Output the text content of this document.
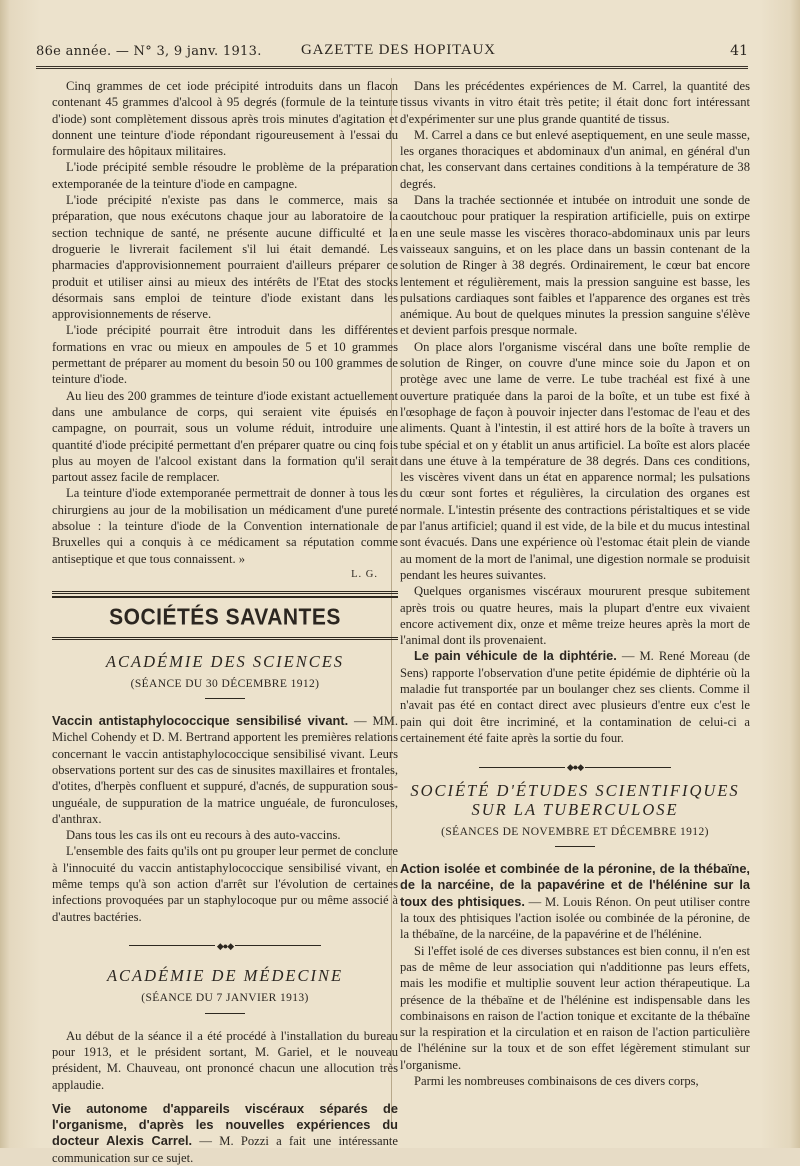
86e année. — N° 3, 9 janv. 1913.	GAZETTE DES HOPITAUX	41

Cinq grammes de cet iode précipité introduits dans un flacon contenant 45 grammes d'alcool à 95 degrés (formule de la teinture d'iode) sont complètement dissous après trois minutes d'agitation et donnent une teinture d'iode répondant rigoureusement à l'essai du formulaire des hôpitaux militaires.

L'iode précipité semble résoudre le problème de la préparation extemporanée de la teinture d'iode en campagne.

L'iode précipité n'existe pas dans le commerce, mais sa préparation, que nous exécutons chaque jour au laboratoire de la section technique de santé, ne présente aucune difficulté et la droguerie le livrerait facilement s'il lui était demandé. Les pharmacies d'approvisionnement pourraient d'ailleurs préparer ce produit et utiliser ainsi au mieux des intérêts de l'Etat des stocks désormais sans emploi de teinture d'iode existant dans les approvisionnements de réserve.

L'iode précipité pourrait être introduit dans les différentes formations en vrac ou mieux en ampoules de 5 et 10 grammes permettant de préparer au moment du besoin 50 ou 100 grammes de teinture d'iode.

Au lieu des 200 grammes de teinture d'iode existant actuellement dans une ambulance de corps, qui seraient vite épuisés en campagne, on pourrait, sous un volume réduit, introduire une quantité d'iode précipité permettant d'en préparer quatre ou cinq fois plus au moyen de l'alcool existant dans la formation qu'il serait partout assez facile de remplacer.

La teinture d'iode extemporanée permettrait de donner à tous les chirurgiens au jour de la mobilisation un médicament d'une pureté absolue : la teinture d'iode de la Convention internationale de Bruxelles qui a conquis à ce médicament sa réputation comme antiseptique et que tous connaissent. »

L. G.

SOCIÉTÉS SAVANTES
ACADÉMIE DES SCIENCES
(SÉANCE DU 30 DÉCEMBRE 1912)

Vaccin antistaphylococcique sensibilisé vivant. — MM. Michel Cohendy et D. M. Bertrand apportent les premières relations concernant le vaccin antistaphylococcique sensibilisé vivant. Leurs observations portent sur des cas de sinusites maxillaires et frontales, d'otites, d'herpès confluent et suppuré, d'acnés, de suppuration sous-unguéale, de suppuration de la matrice unguéale, de furonculoses, d'anthrax.

Dans tous les cas ils ont eu recours à des auto-vaccins.

L'ensemble des faits qu'ils ont pu grouper leur permet de conclure à l'innocuité du vaccin antistaphylococcique sensibilisé vivant, en même temps qu'à son action d'arrêt sur l'évolution de certaines infections provoquées par un staphylocoque pur ou même associé à d'autres bactéries.

◆●◆
ACADÉMIE DE MÉDECINE
(SÉANCE DU 7 JANVIER 1913)

Au début de la séance il a été procédé à l'installation du bureau pour 1913, et le président sortant, M. Gariel, et le nouveau président, M. Chauveau, ont prononcé chacun une allocution très applaudie.

Vie autonome d'appareils viscéraux séparés de l'organisme, d'après les nouvelles expériences du docteur Alexis Carrel. — M. Pozzi a fait une intéressante communication sur ce sujet.

Dans les précédentes expériences de M. Carrel, la quantité des tissus vivants in vitro était très petite; il était donc fort intéressant d'expérimenter sur une plus grande quantité de tissus.

M. Carrel a dans ce but enlevé aseptiquement, en une seule masse, les organes thoraciques et abdominaux d'un animal, en général d'un chat, les conservant dans certaines conditions à la température de 38 degrés.

Dans la trachée sectionnée et intubée on introduit une sonde de caoutchouc pour pratiquer la respiration artificielle, puis on extirpe en une seule masse les viscères thoraco-abdominaux unis par leurs vaisseaux sanguins, et on les place dans un bassin contenant de la solution de Ringer à 38 degrés. Ordinairement, le cœur bat encore lentement et régulièrement, mais la pression sanguine est basse, les pulsations cardiaques sont faibles et l'apparence des organes est très anémique. Au bout de quelques minutes la pression sanguine s'élève et devient parfois presque normale.

On place alors l'organisme viscéral dans une boîte remplie de solution de Ringer, on couvre d'une mince soie du Japon et on protège avec une lame de verre. Le tube trachéal est fixé à une ouverture pratiquée dans la paroi de la boîte, et un tube est fixé à l'œsophage de façon à pouvoir injecter dans l'estomac de l'eau et des aliments. Quant à l'intestin, il est attiré hors de la boîte à travers un tube spécial et on y établit un anus artificiel. La boîte est alors placée dans une étuve à la température de 38 degrés. Dans ces conditions, les viscères vivent dans un état en apparence normal; les pulsations du cœur sont fortes et régulières, la circulation des organes est normale. L'intestin présente des contractions péristaltiques et se vide par l'anus artificiel; quand il est vide, de la bile et du mucus intestinal sont évacués. Dans une expérience où l'estomac était plein de viande au moment de la mort de l'animal, une digestion normale se produisit pendant les heures suivantes.

Quelques organismes viscéraux moururent presque subitement après trois ou quatre heures, mais la plupart d'entre eux vivaient encore activement dix, onze et même treize heures après la mort de l'animal dont ils provenaient.

Le pain véhicule de la diphtérie. — M. René Moreau (de Sens) rapporte l'observation d'une petite épidémie de diphtérie où la maladie fut transportée par un boulanger chez ses clients. Comme il n'avait pas été en contact direct avec plusieurs d'entre eux c'est le pain qui doit être incriminé, et la contamination de celui-ci a certainement été faite après la sortie du four.

◆●◆
SOCIÉTÉ D'ÉTUDES SCIENTIFIQUES
SUR LA TUBERCULOSE
(SÉANCES DE NOVEMBRE ET DÉCEMBRE 1912)

Action isolée et combinée de la péronine, de la thébaïne, de la narcéine, de la papavérine et de l'hélénine sur la toux des phtisiques. — M. Louis Rénon. On peut utiliser contre la toux des phtisiques l'action isolée ou combinée de la péronine, de la thébaïne, de la narcéine, de la papavérine et de l'hélénine.

Si l'effet isolé de ces diverses substances est bien connu, il n'en est pas de même de leur association qui n'additionne pas leurs effets, mais les modifie et multiplie souvent leur action thérapeutique. La présence de la thébaïne et de l'hélénine est indispensable dans les combinaisons en raison de l'action tonique et excitante de la thébaïne sur la respiration et la circulation et en raison de l'action particulière de l'hélénine sur la toux et de son effet légèrement stimulant sur l'organisme.

Parmi les nombreuses combinaisons de ces divers corps,
